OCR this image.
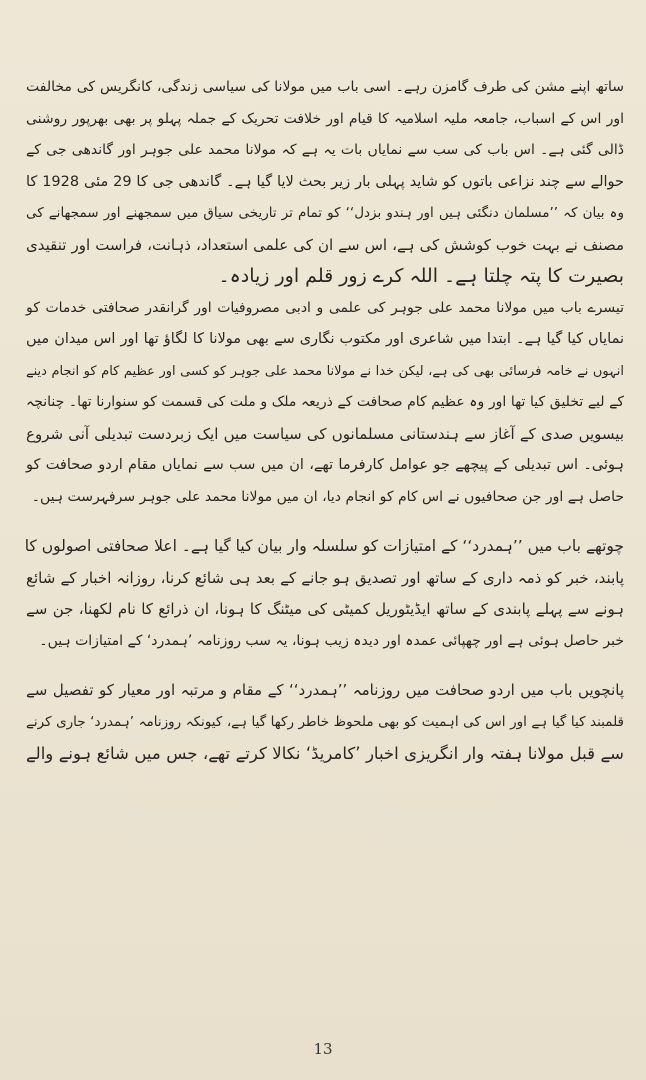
ساتھ اپنے مشن کی طرف گامزن رہے۔ اسی باب میں مولانا کی سیاسی زندگی، کانگریس کی مخالفت
اور اس کے اسباب، جامعہ ملیہ اسلامیہ کا قیام اور خلافت تحریک کے جملہ پہلو پر بھی بھرپور روشنی
ڈالی گئی ہے۔ اس باب کی سب سے نمایاں بات یہ ہے کہ مولانا محمد علی جوہر اور گاندھی جی کے
حوالے سے چند نزاعی باتوں کو شاید پہلی بار زیر بحث لایا گیا ہے۔ گاندھی جی کا 29 مئی 1928 کا
وہ بیان کہ ’’مسلمان دنگئی ہیں اور ہندو بزدل‘‘ کو تمام تر تاریخی سیاق میں سمجھنے اور سمجھانے کی
مصنف نے بہت خوب کوشش کی ہے، اس سے ان کی علمی استعداد، ذہانت، فراست اور تنقیدی
بصیرت کا پتہ چلتا ہے۔ اللہ کرے زور قلم اور زیادہ۔
تیسرے باب میں مولانا محمد علی جوہر کی علمی و ادبی مصروفیات اور گرانقدر صحافتی خدمات کو
نمایاں کیا گیا ہے۔ ابتدا میں شاعری اور مکتوب نگاری سے بھی مولانا کا لگاؤ تھا اور اس میدان میں
انہوں نے خامہ فرسائی بھی کی ہے، لیکن خدا نے مولانا محمد علی جوہر کو کسی اور عظیم کام کو انجام دینے
کے لیے تخلیق کیا تھا اور وہ عظیم کام صحافت کے ذریعہ ملک و ملت کی قسمت کو سنوارنا تھا۔ چنانچہ
بیسویں صدی کے آغاز سے ہندستانی مسلمانوں کی سیاست میں ایک زبردست تبدیلی آنی شروع
ہوئی۔ اس تبدیلی کے پیچھے جو عوامل کارفرما تھے، ان میں سب سے نمایاں مقام اردو صحافت کو
حاصل ہے اور جن صحافیوں نے اس کام کو انجام دیا، ان میں مولانا محمد علی جوہر سرفہرست ہیں۔
چوتھے باب میں ’’ہمدرد‘‘ کے امتیازات کو سلسلہ وار بیان کیا گیا ہے۔ اعلا صحافتی اصولوں کا
پابند، خبر کو ذمہ داری کے ساتھ اور تصدیق ہو جانے کے بعد ہی شائع کرنا، روزانہ اخبار کے شائع
ہونے سے پہلے پابندی کے ساتھ ایڈیٹوریل کمیٹی کی میٹنگ کا ہونا، ان ذرائع کا نام لکھنا، جن سے
خبر حاصل ہوئی ہے اور چھپائی عمدہ اور دیدہ زیب ہونا، یہ سب روزنامہ ’ہمدرد‘ کے امتیازات ہیں۔
پانچویں باب میں اردو صحافت میں روزنامہ ’’ہمدرد‘‘ کے مقام و مرتبہ اور معیار کو تفصیل سے
قلمبند کیا گیا ہے اور اس کی اہمیت کو بھی ملحوظ خاطر رکھا گیا ہے، کیونکہ روزنامہ ’ہمدرد‘ جاری کرنے
سے قبل مولانا ہفتہ وار انگریزی اخبار ’کامریڈ‘ نکالا کرتے تھے، جس میں شائع ہونے والے
13
